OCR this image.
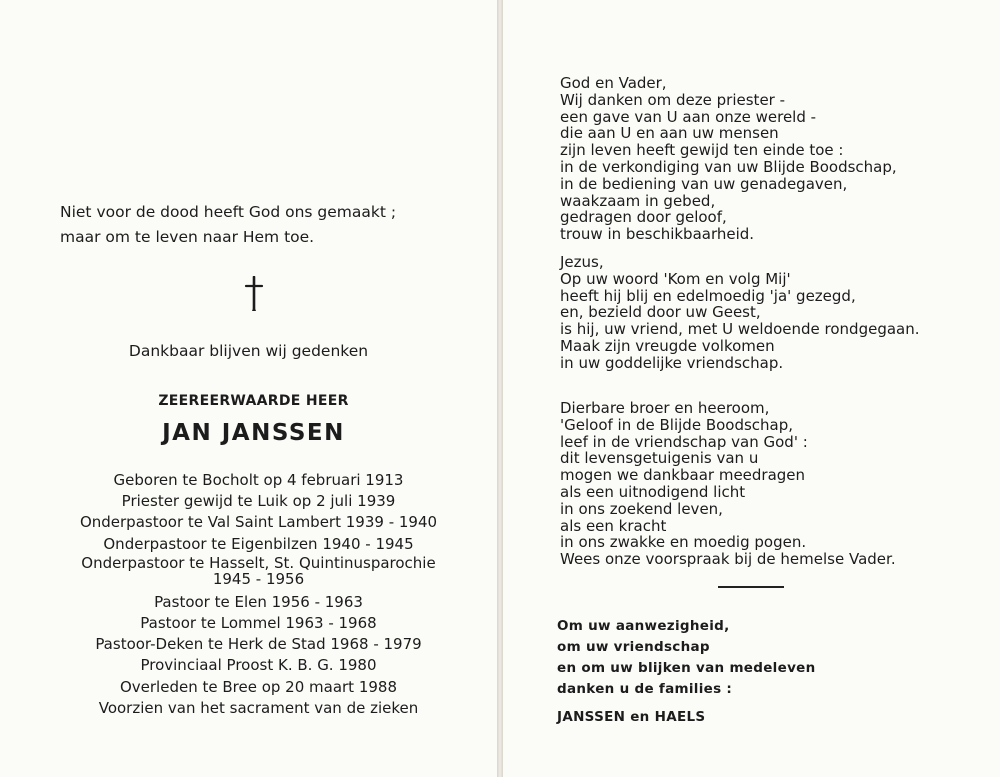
Niet voor de dood heeft God ons gemaakt ;
maar om te leven naar Hem toe.
Dankbaar blijven wij gedenken
ZEEREERWAARDE HEER
JAN JANSSEN
Geboren te Bocholt op 4 februari 1913
Priester gewijd te Luik op 2 juli 1939
Onderpastoor te Val Saint Lambert 1939 - 1940
Onderpastoor te Eigenbilzen 1940 - 1945
Onderpastoor te Hasselt, St. Quintinusparochie
1945 - 1956
Pastoor te Elen 1956 - 1963
Pastoor te Lommel 1963 - 1968
Pastoor-Deken te Herk de Stad 1968 - 1979
Provinciaal Proost K. B. G. 1980
Overleden te Bree op 20 maart 1988
Voorzien van het sacrament van de zieken
God en Vader,
Wij danken om deze priester -
een gave van U aan onze wereld -
die aan U en aan uw mensen
zijn leven heeft gewijd ten einde toe :
in de verkondiging van uw Blijde Boodschap,
in de bediening van uw genadegaven,
waakzaam in gebed,
gedragen door geloof,
trouw in beschikbaarheid.
Jezus,
Op uw woord 'Kom en volg Mij'
heeft hij blij en edelmoedig 'ja' gezegd,
en, bezield door uw Geest,
is hij, uw vriend, met U weldoende rondgegaan.
Maak zijn vreugde volkomen
in uw goddelijke vriendschap.
Dierbare broer en heeroom,
'Geloof in de Blijde Boodschap,
leef in de vriendschap van God' :
dit levensgetuigenis van u
mogen we dankbaar meedragen
als een uitnodigend licht
in ons zoekend leven,
als een kracht
in ons zwakke en moedig pogen.
Wees onze voorspraak bij de hemelse Vader.
Om uw aanwezigheid,
om uw vriendschap
en om uw blijken van medeleven
danken u de families :
JANSSEN en HAELS
